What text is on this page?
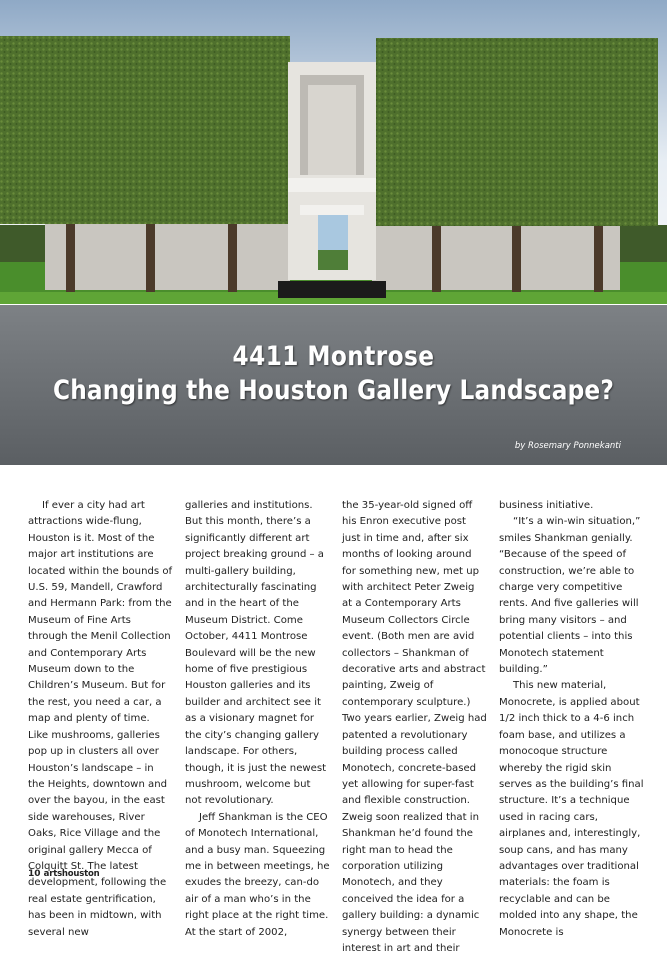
4411 Montrose
Changing the Houston Gallery Landscape?
by Rosemary Ponnekanti

If ever a city had art attractions wide-flung, Houston is it. Most of the major art institutions are located within the bounds of U.S. 59, Mandell, Crawford and Hermann Park: from the Museum of Fine Arts through the Menil Collection and Contemporary Arts Museum down to the Children’s Museum. But for the rest, you need a car, a map and plenty of time. Like mushrooms, galleries pop up in clusters all over Houston’s landscape – in the Heights, downtown and over the bayou, in the east side warehouses, River Oaks, Rice Village and the original gallery Mecca of Colquitt St. The latest development, following the real estate gentrification, has been in midtown, with several new

galleries and institutions. But this month, there’s a significantly different art project breaking ground – a multi-gallery building, architecturally fascinating and in the heart of the Museum District. Come October, 4411 Montrose Boulevard will be the new home of five prestigious Houston galleries and its builder and architect see it as a visionary magnet for the city’s changing gallery landscape. For others, though, it is just the newest mushroom, welcome but not revolutionary.

Jeff Shankman is the CEO of Monotech International, and a busy man. Squeezing me in between meetings, he exudes the breezy, can-do air of a man who’s in the right place at the right time. At the start of 2002,

the 35-year-old signed off his Enron executive post just in time and, after six months of looking around for something new, met up with architect Peter Zweig at a Contemporary Arts Museum Collectors Circle event. (Both men are avid collectors – Shankman of decorative arts and abstract painting, Zweig of contemporary sculpture.) Two years earlier, Zweig had patented a revolutionary building process called Monotech, concrete-based yet allowing for super-fast and flexible construction. Zweig soon realized that in Shankman he’d found the right man to head the corporation utilizing Monotech, and they conceived the idea for a gallery building: a dynamic synergy between their interest in art and their

business initiative.

“It’s a win-win situation,” smiles Shankman genially. “Because of the speed of construction, we’re able to charge very competitive rents. And five galleries will bring many visitors – and potential clients – into this Monotech statement building.”

This new material, Monocrete, is applied about 1/2 inch thick to a 4-6 inch foam base, and utilizes a monocoque structure whereby the rigid skin serves as the building’s final structure. It’s a technique used in racing cars, airplanes and, interestingly, soup cans, and has many advantages over traditional materials: the foam is recyclable and can be molded into any shape, the Monocrete is

10 artshouston
